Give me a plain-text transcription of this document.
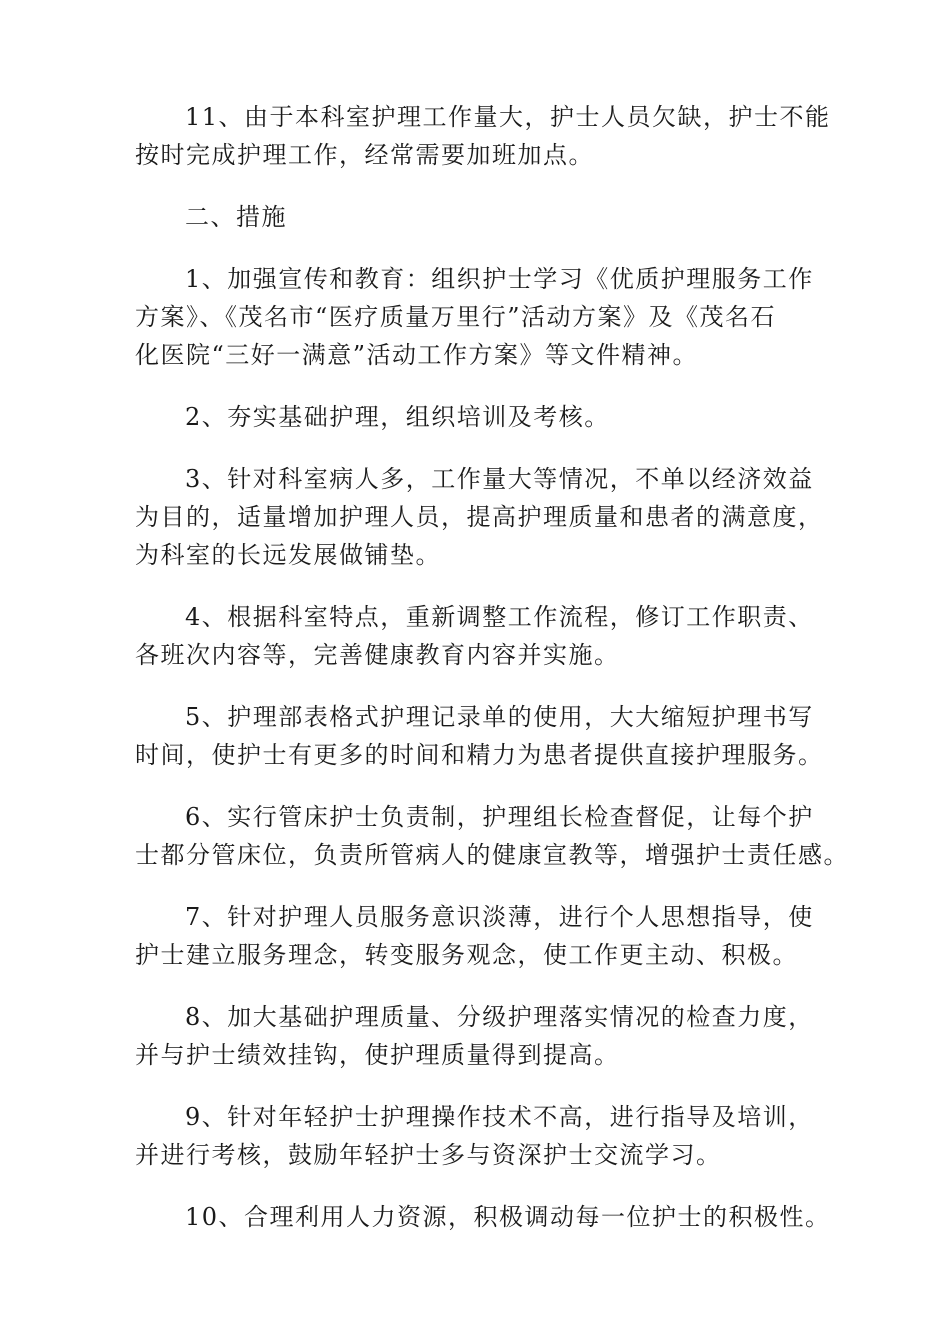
11、由于本科室护理工作量大，护士人员欠缺，护士不能
按时完成护理工作，经常需要加班加点。
二、措施
1、加强宣传和教育：组织护士学习《优质护理服务工作
方案》、《茂名市“医疗质量万里行”活动方案》及《茂名石
化医院“三好一满意”活动工作方案》等文件精神。
2、夯实基础护理，组织培训及考核。
3、针对科室病人多，工作量大等情况，不单以经济效益
为目的，适量增加护理人员，提高护理质量和患者的满意度，
为科室的长远发展做铺垫。
4、根据科室特点，重新调整工作流程，修订工作职责、
各班次内容等，完善健康教育内容并实施。
5、护理部表格式护理记录单的使用，大大缩短护理书写
时间，使护士有更多的时间和精力为患者提供直接护理服务。
6、实行管床护士负责制，护理组长检查督促，让每个护
士都分管床位，负责所管病人的健康宣教等，增强护士责任感。
7、针对护理人员服务意识淡薄，进行个人思想指导，使
护士建立服务理念，转变服务观念，使工作更主动、积极。
8、加大基础护理质量、分级护理落实情况的检查力度，
并与护士绩效挂钩，使护理质量得到提高。
9、针对年轻护士护理操作技术不高，进行指导及培训，
并进行考核，鼓励年轻护士多与资深护士交流学习。
10、合理利用人力资源，积极调动每一位护士的积极性。
